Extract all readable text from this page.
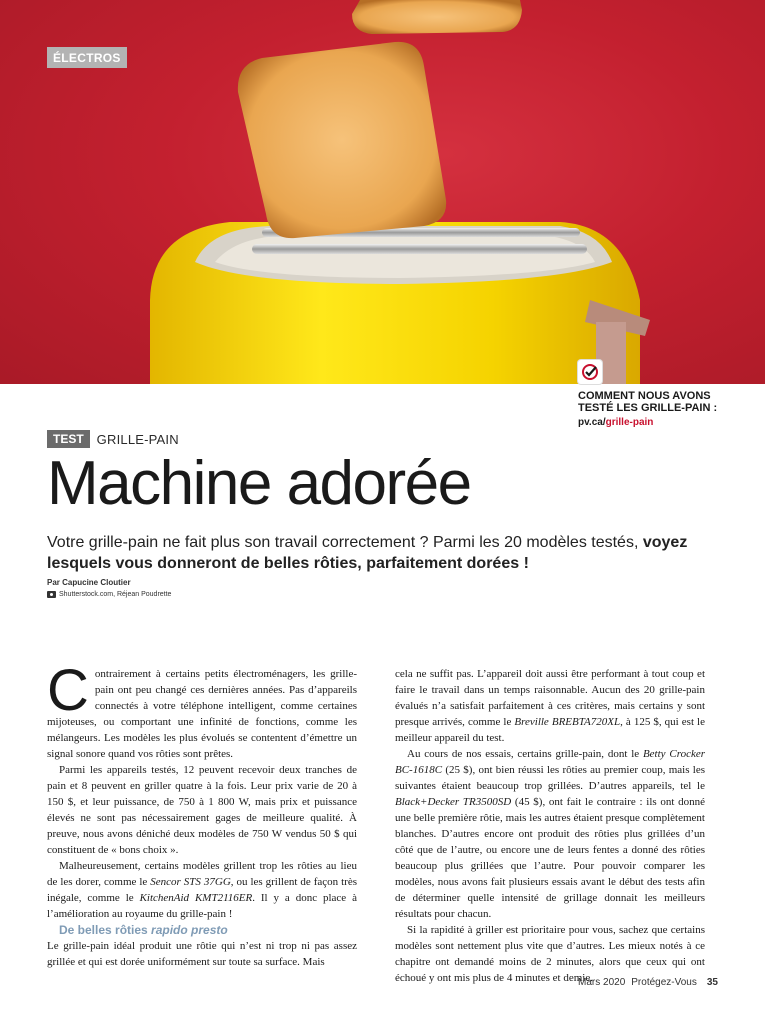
ÉLECTROS
COMMENT NOUS AVONS
TESTÉ LES GRILLE-PAIN :
pv.ca/grille-pain
TEST	GRILLE-PAIN
Machine adorée

Votre grille-pain ne fait plus son travail correctement ? Parmi les 20 modèles testés, voyez lesquels vous donneront de belles rôties, parfaitement dorées !

Par Capucine Cloutier
Shutterstock.com, Réjean Poudrette

Contrairement à certains petits électroménagers, les grille-pain ont peu changé ces dernières années. Pas d’appareils connectés à votre téléphone intelligent, comme certaines mijoteuses, ou comportant une infinité de fonctions, comme les mélangeurs. Les modèles les plus évolués se contentent d’émettre un signal sonore quand vos rôties sont prêtes.

Parmi les appareils testés, 12 peuvent recevoir deux tranches de pain et 8 peuvent en griller quatre à la fois. Leur prix varie de 20 à 150 $, et leur puissance, de 750 à 1 800 W, mais prix et puissance élevés ne sont pas nécessairement gages de meilleure qualité. À preuve, nous avons déniché deux modèles de 750 W vendus 50 $ qui constituent de « bons choix ».

Malheureusement, certains modèles grillent trop les rôties au lieu de les dorer, comme le Sencor STS 37GG, ou les grillent de façon très inégale, comme le KitchenAid KMT2116ER. Il y a donc place à l’amélioration au royaume du grille-pain !

De belles rôties rapido presto

Le grille-pain idéal produit une rôtie qui n’est ni trop ni pas assez grillée et qui est dorée uniformément sur toute sa surface. Mais

cela ne suffit pas. L’appareil doit aussi être performant à tout coup et faire le travail dans un temps raisonnable. Aucun des 20 grille-pain évalués n’a satisfait parfaitement à ces critères, mais certains y sont presque arrivés, comme le Breville BREBTA720XL, à 125 $, qui est le meilleur appareil du test.

Au cours de nos essais, certains grille-pain, dont le Betty Crocker BC-1618C (25 $), ont bien réussi les rôties au premier coup, mais les suivantes étaient beaucoup trop grillées. D’autres appareils, tel le Black+Decker TR3500SD (45 $), ont fait le contraire : ils ont donné une belle première rôtie, mais les autres étaient presque complètement blanches. D’autres encore ont produit des rôties plus grillées d’un côté que de l’autre, ou encore une de leurs fentes a donné des rôties beaucoup plus grillées que l’autre. Pour pouvoir comparer les modèles, nous avons fait plusieurs essais avant le début des tests afin de déterminer quelle intensité de grillage donnait les meilleurs résultats pour chacun.

Si la rapidité à griller est prioritaire pour vous, sachez que certains modèles sont nettement plus vite que d’autres. Les mieux notés à ce chapitre ont demandé moins de 2 minutes, alors que ceux qui ont échoué y ont mis plus de 4 minutes et demie.

Mars 2020 Protégez-Vous 35
